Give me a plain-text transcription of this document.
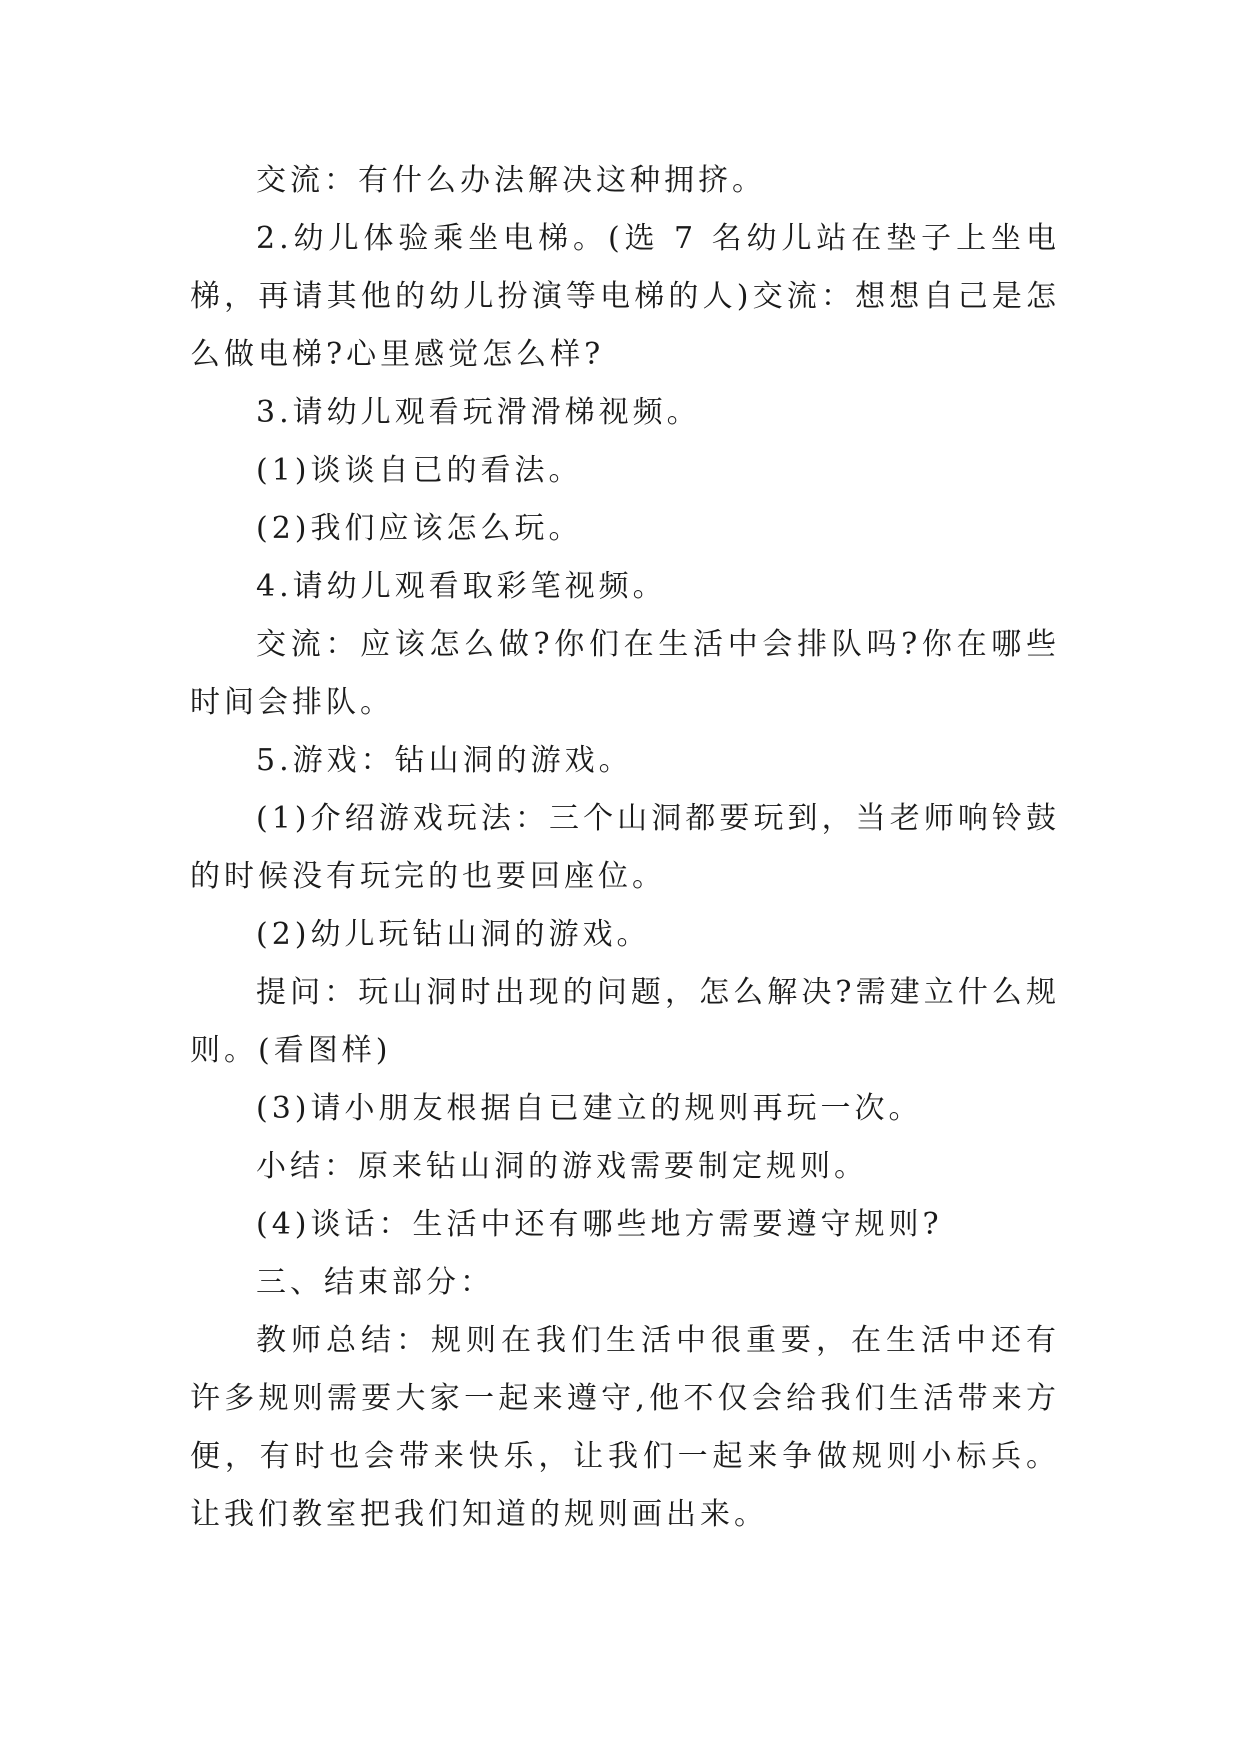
交流：有什么办法解决这种拥挤。

2.幼儿体验乘坐电梯。(选 7 名幼儿站在垫子上坐电梯，再请其他的幼儿扮演等电梯的人)交流：想想自己是怎么做电梯?心里感觉怎么样?

3.请幼儿观看玩滑滑梯视频。

(1)谈谈自已的看法。

(2)我们应该怎么玩。

4.请幼儿观看取彩笔视频。

交流：应该怎么做?你们在生活中会排队吗?你在哪些时间会排队。

5.游戏：钻山洞的游戏。

(1)介绍游戏玩法：三个山洞都要玩到，当老师响铃鼓的时候没有玩完的也要回座位。

(2)幼儿玩钻山洞的游戏。

提问：玩山洞时出现的问题，怎么解决?需建立什么规则。(看图样)

(3)请小朋友根据自已建立的规则再玩一次。

小结：原来钻山洞的游戏需要制定规则。

(4)谈话：生活中还有哪些地方需要遵守规则?

三、结束部分：

教师总结：规则在我们生活中很重要，在生活中还有许多规则需要大家一起来遵守,他不仅会给我们生活带来方便，有时也会带来快乐，让我们一起来争做规则小标兵。让我们教室把我们知道的规则画出来。
